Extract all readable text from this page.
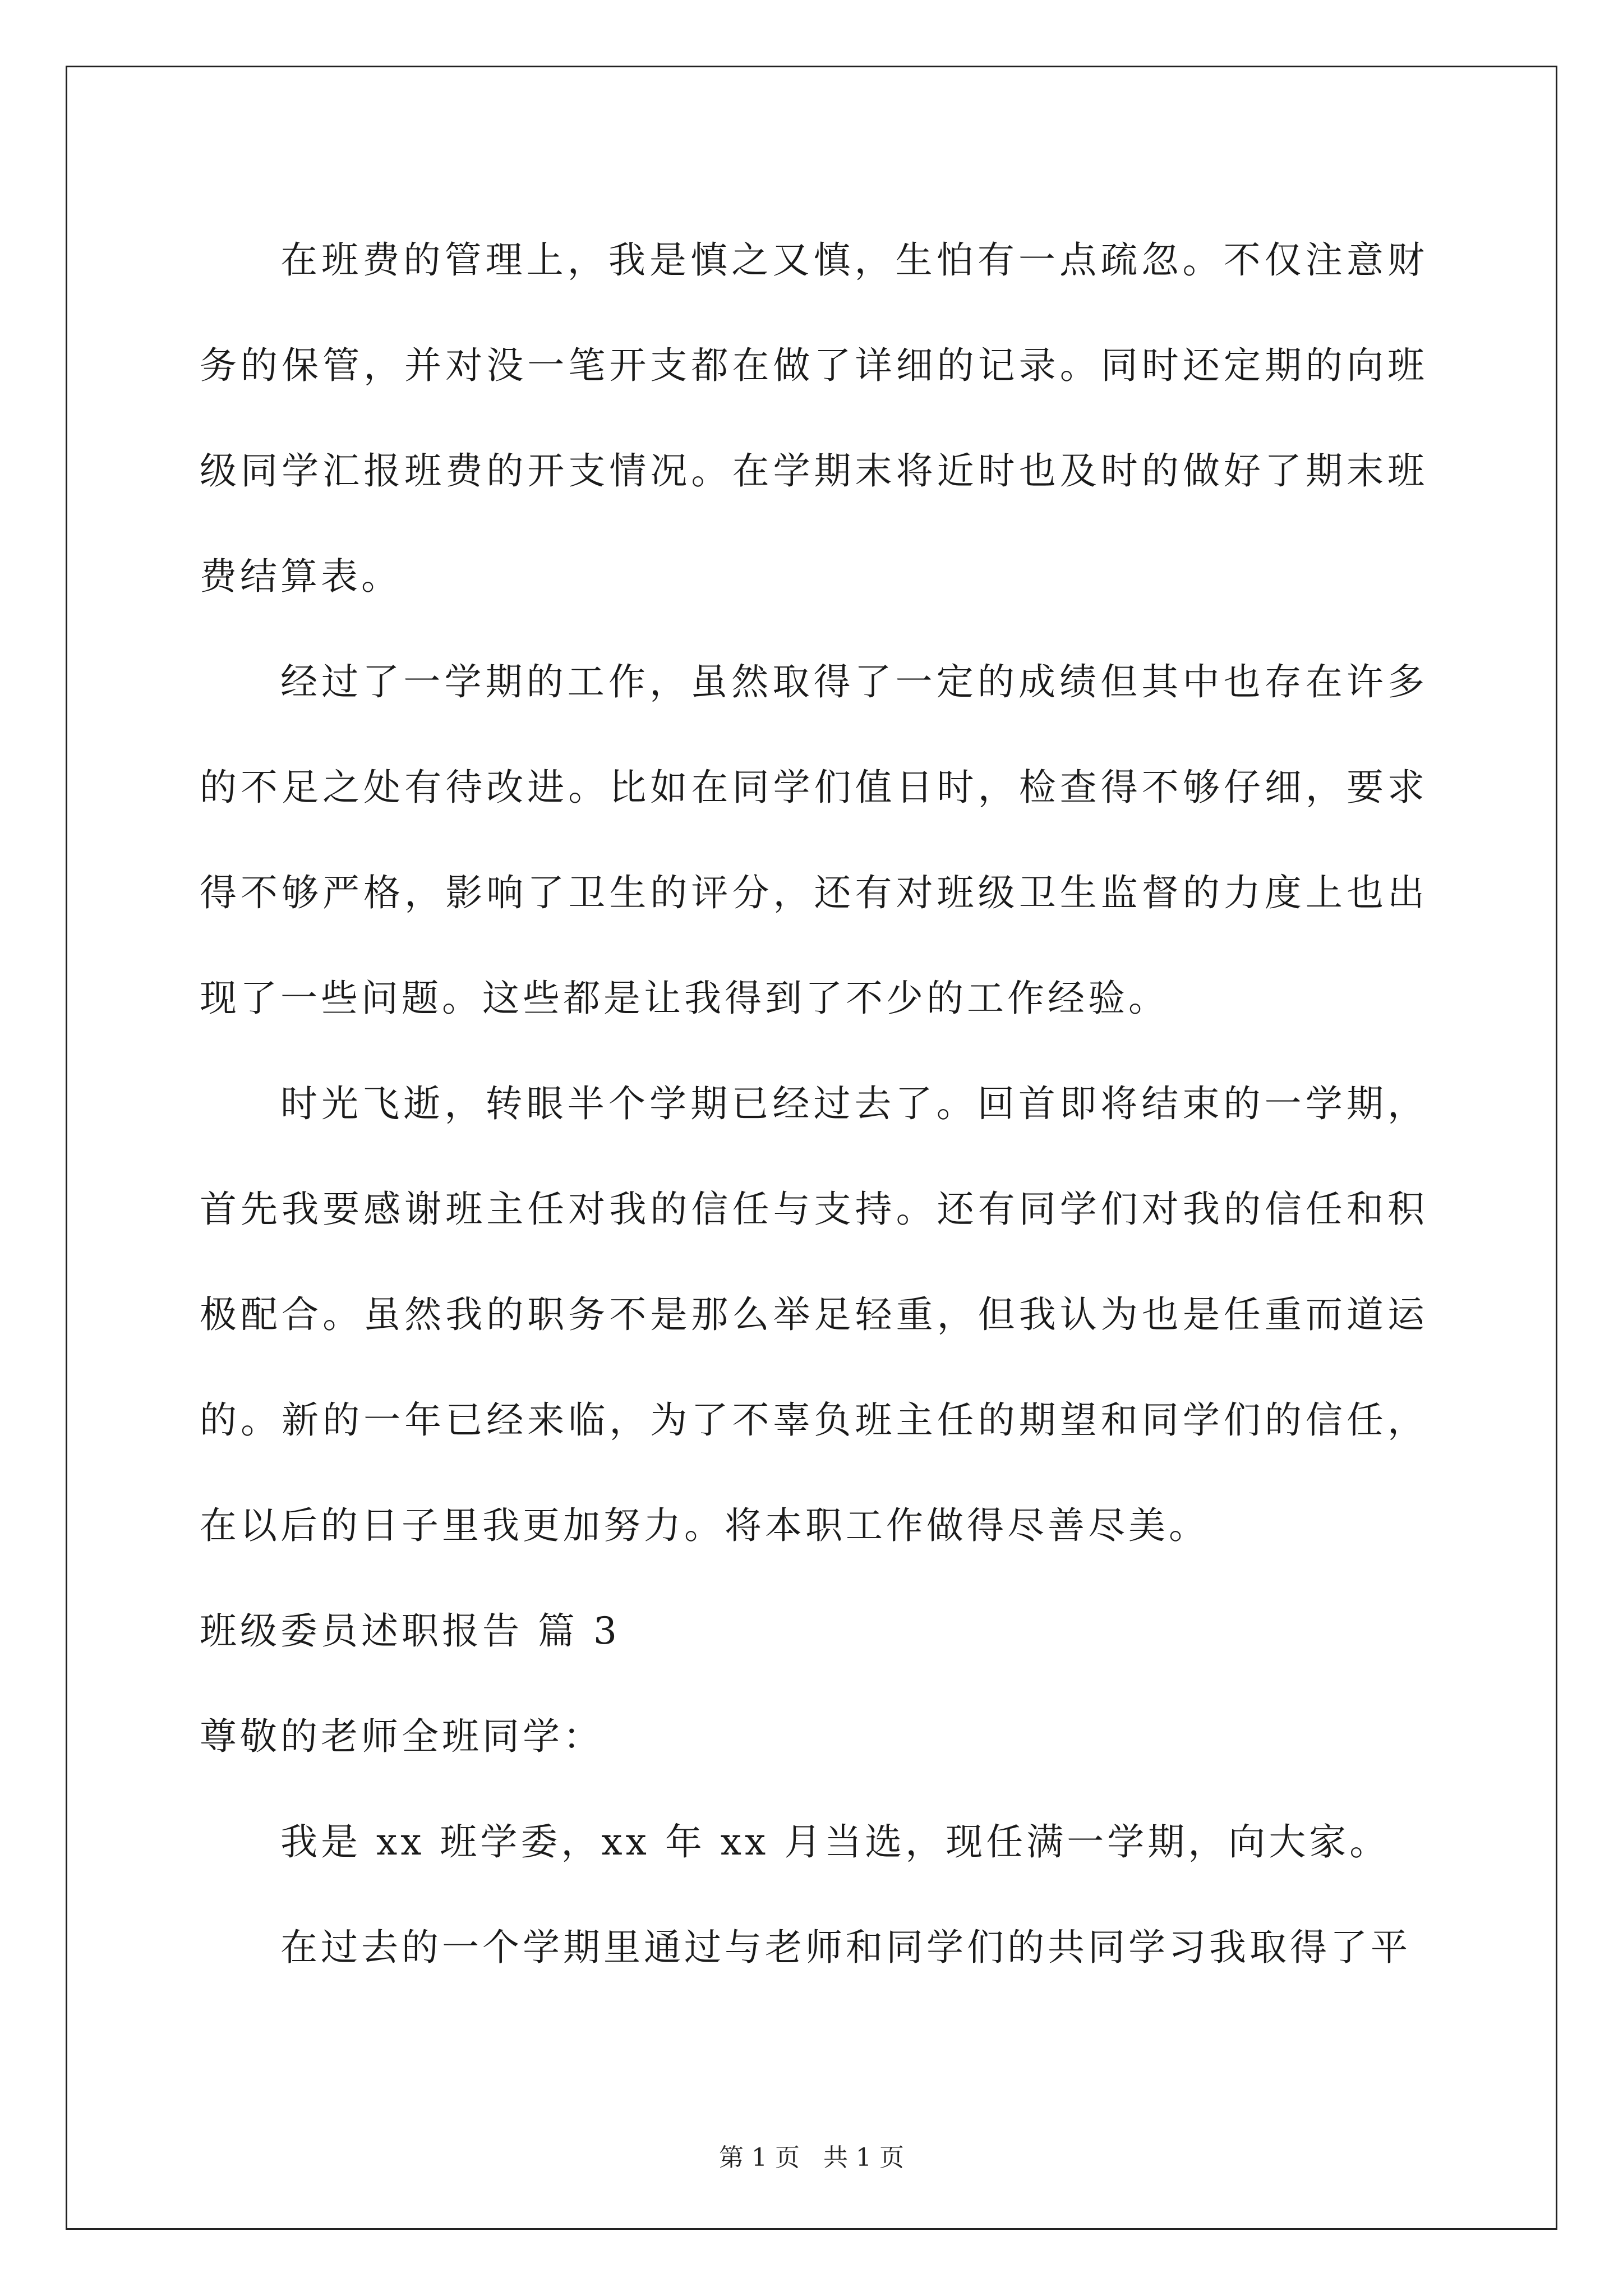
在班费的管理上，我是慎之又慎，生怕有一点疏忽。不仅注意财务的保管，并对没一笔开支都在做了详细的记录。同时还定期的向班级同学汇报班费的开支情况。在学期末将近时也及时的做好了期末班费结算表。

经过了一学期的工作，虽然取得了一定的成绩但其中也存在许多的不足之处有待改进。比如在同学们值日时，检查得不够仔细，要求得不够严格，影响了卫生的评分，还有对班级卫生监督的力度上也出现了一些问题。这些都是让我得到了不少的工作经验。

时光飞逝，转眼半个学期已经过去了。回首即将结束的一学期，首先我要感谢班主任对我的信任与支持。还有同学们对我的信任和积极配合。虽然我的职务不是那么举足轻重，但我认为也是任重而道运的。新的一年已经来临，为了不辜负班主任的期望和同学们的信任，在以后的日子里我更加努力。将本职工作做得尽善尽美。

班级委员述职报告 篇 3

尊敬的老师全班同学：

我是 xx 班学委，xx 年 xx 月当选，现任满一学期，向大家。

在过去的一个学期里通过与老师和同学们的共同学习我取得了平

第 1 页 共 1 页
